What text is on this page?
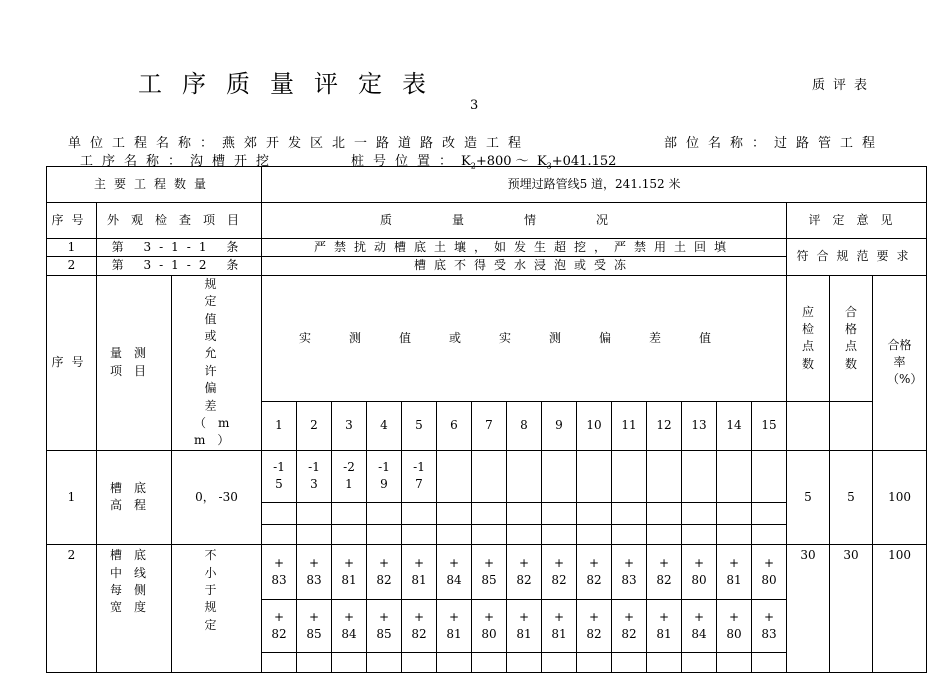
工序质量评定表	质评表
3
单位工程名称：燕郊开发区北一路道路改造工程	部位名称：过路管工程
工序名称：沟槽开挖	桩号位置：$K_2+800$ ～ $K_3+041.152$
主要工程数量			预埋过路管线5 道，241.152 米																	
序号	外观检查项目		质量情况															评定意见		
1	第 3-1-1 条		严禁扰动槽底土壤，如发生超挖，严禁用土回填															符合规范要求		
2	第 3-1-2 条		槽底不得受水浸泡或受冻																	
序号	量测项目	规定值或允许偏差（mm）	实测值或实测偏差值															应检点数	合格点数	合格率（%）
			1	2	3	4	5	6	7	8	9	10	11	12	13	14	15			
1	槽底高程	0， -30	-15	-13	-21	-19	-17											5	5	100

2	槽底中线每侧宽度	不小于规定	+83	+83	+81	+82	+81	+84	+85	+82	+82	+82	+83	+82	+ 80	+ 81	+80	30	30	100
			+82	+85	+84	+85	+82	+81	+80	+81	+81	+82	+82	+81	+ 84	+ 80	+83			
